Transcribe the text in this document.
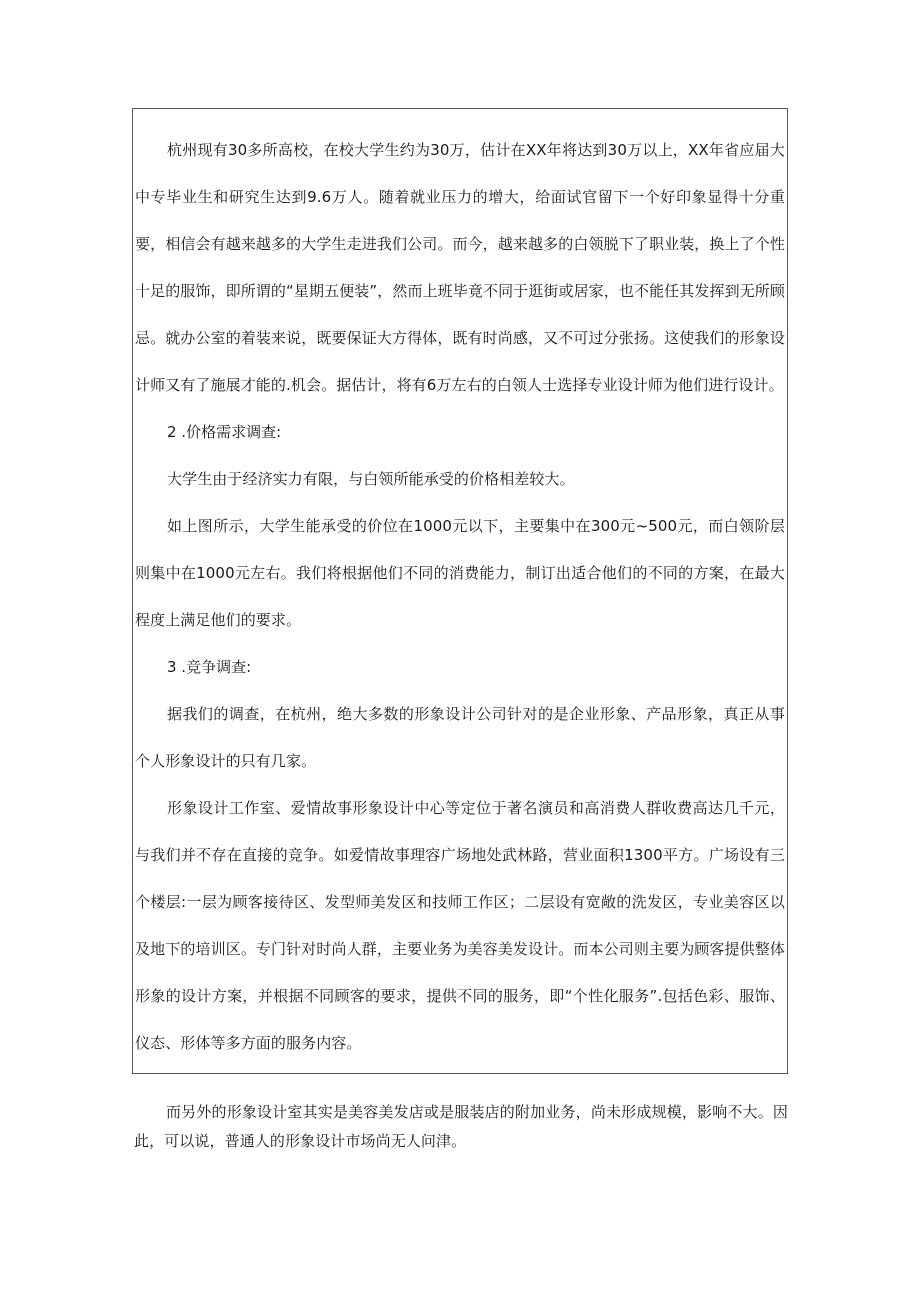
杭州现有30多所高校，在校大学生约为30万，估计在XX年将达到30万以上，XX年省应届大中专毕业生和研究生达到9.6万人。随着就业压力的增大，给面试官留下一个好印象显得十分重要，相信会有越来越多的大学生走进我们公司。而今，越来越多的白领脱下了职业装，换上了个性十足的服饰，即所谓的“星期五便装”，然而上班毕竟不同于逛街或居家，也不能任其发挥到无所顾忌。就办公室的着装来说，既要保证大方得体，既有时尚感，又不可过分张扬。这使我们的形象设计师又有了施展才能的.机会。据估计，将有6万左右的白领人士选择专业设计师为他们进行设计。

2 .价格需求调查:

大学生由于经济实力有限，与白领所能承受的价格相差较大。

如上图所示，大学生能承受的价位在1000元以下，主要集中在300元~500元，而白领阶层则集中在1000元左右。我们将根据他们不同的消费能力，制订出适合他们的不同的方案，在最大程度上满足他们的要求。

3 .竞争调查:

据我们的调查，在杭州，绝大多数的形象设计公司针对的是企业形象、产品形象，真正从事个人形象设计的只有几家。

形象设计工作室、爱情故事形象设计中心等定位于著名演员和高消费人群收费高达几千元，与我们并不存在直接的竞争。如爱情故事理容广场地处武林路，营业面积1300平方。广场设有三个楼层:一层为顾客接待区、发型师美发区和技师工作区；二层设有宽敞的洗发区，专业美容区以及地下的培训区。专门针对时尚人群，主要业务为美容美发设计。而本公司则主要为顾客提供整体形象的设计方案，并根据不同顾客的要求，提供不同的服务，即“个性化服务”.包括色彩、服饰、仪态、形体等多方面的服务内容。

而另外的形象设计室其实是美容美发店或是服装店的附加业务，尚未形成规模，影响不大。因此，可以说，普通人的形象设计市场尚无人问津。
